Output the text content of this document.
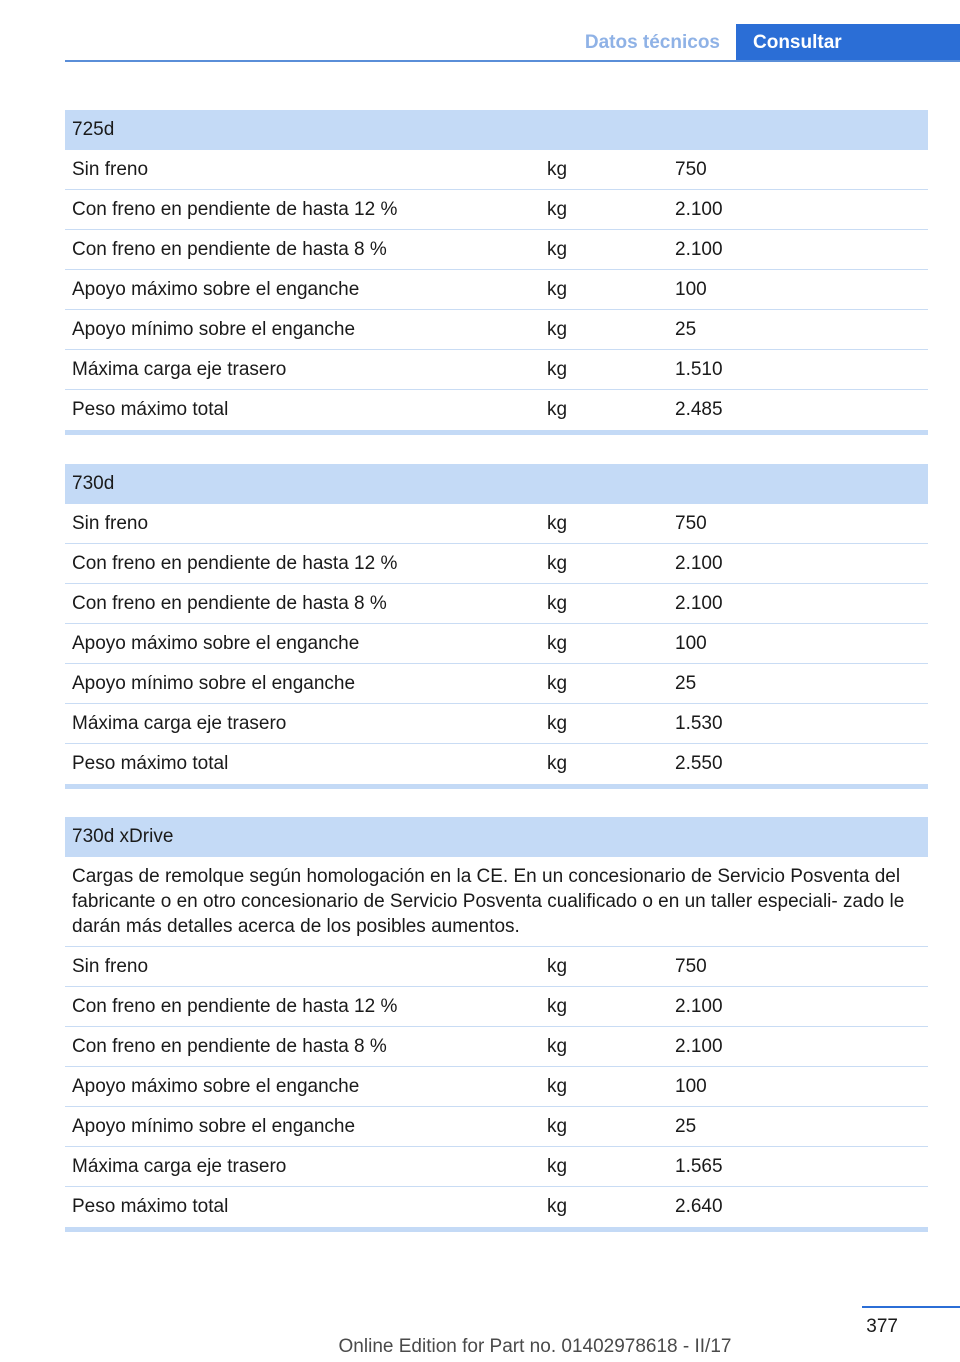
Datos técnicos	Consultar
725d
Sin freno	kg	750
Con freno en pendiente de hasta 12 %	kg	2.100
Con freno en pendiente de hasta 8 %	kg	2.100
Apoyo máximo sobre el enganche	kg	100
Apoyo mínimo sobre el enganche	kg	25
Máxima carga eje trasero	kg	1.510
Peso máximo total	kg	2.485
730d
Sin freno	kg	750
Con freno en pendiente de hasta 12 %	kg	2.100
Con freno en pendiente de hasta 8 %	kg	2.100
Apoyo máximo sobre el enganche	kg	100
Apoyo mínimo sobre el enganche	kg	25
Máxima carga eje trasero	kg	1.530
Peso máximo total	kg	2.550
730d xDrive
Cargas de remolque según homologación en la CE. En un concesionario de Servicio Posventa del fabricante o en otro concesionario de Servicio Posventa cualificado o en un taller especiali- zado le darán más detalles acerca de los posibles aumentos.
Sin freno	kg	750
Con freno en pendiente de hasta 12 %	kg	2.100
Con freno en pendiente de hasta 8 %	kg	2.100
Apoyo máximo sobre el enganche	kg	100
Apoyo mínimo sobre el enganche	kg	25
Máxima carga eje trasero	kg	1.565
Peso máximo total	kg	2.640
377
Online Edition for Part no. 01402978618 - II/17
